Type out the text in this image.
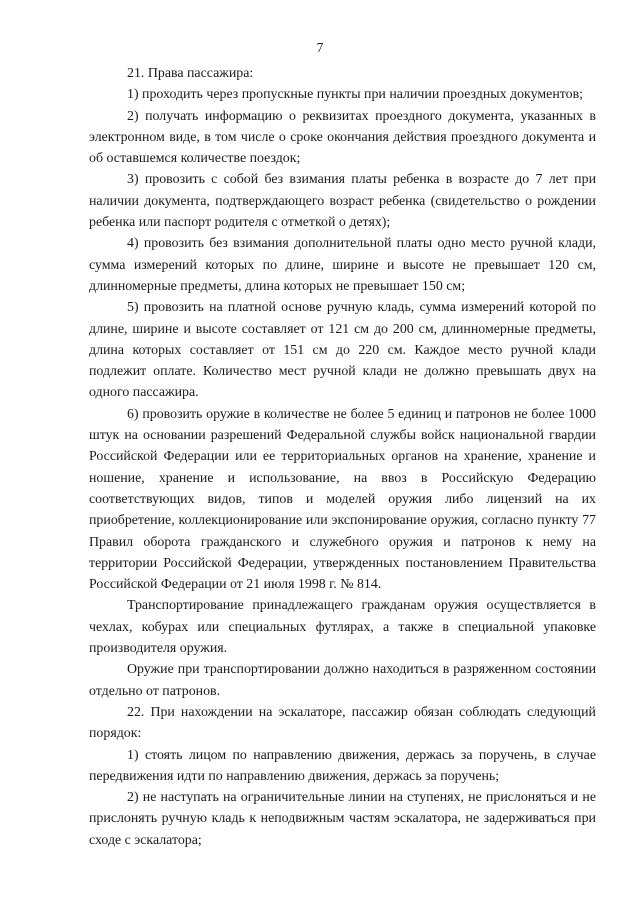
7

21. Права пассажира:

1) проходить через пропускные пункты при наличии проездных документов;

2) получать информацию о реквизитах проездного документа, указанных в электронном виде, в том числе о сроке окончания действия проездного документа и об оставшемся количестве поездок;

3) провозить с собой без взимания платы ребенка в возрасте до 7 лет при наличии документа, подтверждающего возраст ребенка (свидетельство о рождении ребенка или паспорт родителя с отметкой о детях);

4) провозить без взимания дополнительной платы одно место ручной клади, сумма измерений которых по длине, ширине и высоте не превышает 120 см, длинномерные предметы, длина которых не превышает 150 см;

5) провозить на платной основе ручную кладь, сумма измерений которой по длине, ширине и высоте составляет от 121 см до 200 см, длинномерные предметы, длина которых составляет от 151 см до 220 см. Каждое место ручной клади подлежит оплате. Количество мест ручной клади не должно превышать двух на одного пассажира.

6) провозить оружие в количестве не более 5 единиц и патронов не более 1000 штук на основании разрешений Федеральной службы войск национальной гвардии Российской Федерации или ее территориальных органов на хранение, хранение и ношение, хранение и использование, на ввоз в Российскую Федерацию соответствующих видов, типов и моделей оружия либо лицензий на их приобретение, коллекционирование или экспонирование оружия, согласно пункту 77 Правил оборота гражданского и служебного оружия и патронов к нему на территории Российской Федерации, утвержденных постановлением Правительства Российской Федерации от 21 июля 1998 г. № 814.

Транспортирование принадлежащего гражданам оружия осуществляется в чехлах, кобурах или специальных футлярах, а также в специальной упаковке производителя оружия.

Оружие при транспортировании должно находиться в разряженном состоянии отдельно от патронов.

22. При нахождении на эскалаторе, пассажир обязан соблюдать следующий порядок:

1) стоять лицом по направлению движения, держась за поручень, в случае передвижения идти по направлению движения, держась за поручень;

2) не наступать на ограничительные линии на ступенях, не прислоняться и не прислонять ручную кладь к неподвижным частям эскалатора, не задерживаться при сходе с эскалатора;
